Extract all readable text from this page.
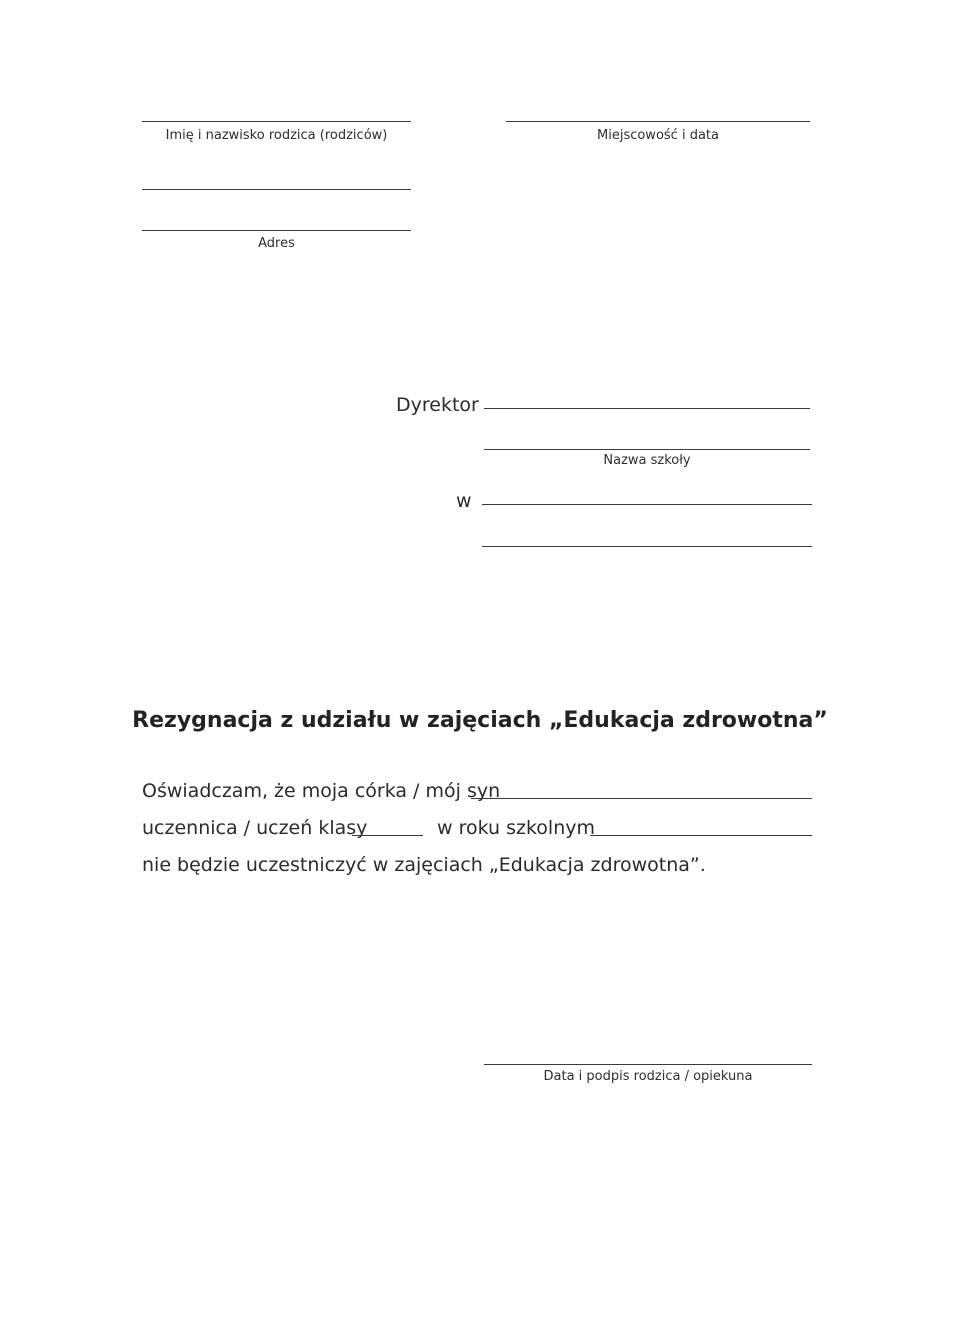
Imię i nazwisko rodzica (rodziców)	Miejscowość i data
Adres
Dyrektor
Nazwa szkoły
w
Rezygnacja z udziału w zajęciach „Edukacja zdrowotna”
Oświadczam, że moja córka / mój syn
uczennica / uczeń klasy	w roku szkolnym
nie będzie uczestniczyć w zajęciach „Edukacja zdrowotna”.
Data i podpis rodzica / opiekuna
